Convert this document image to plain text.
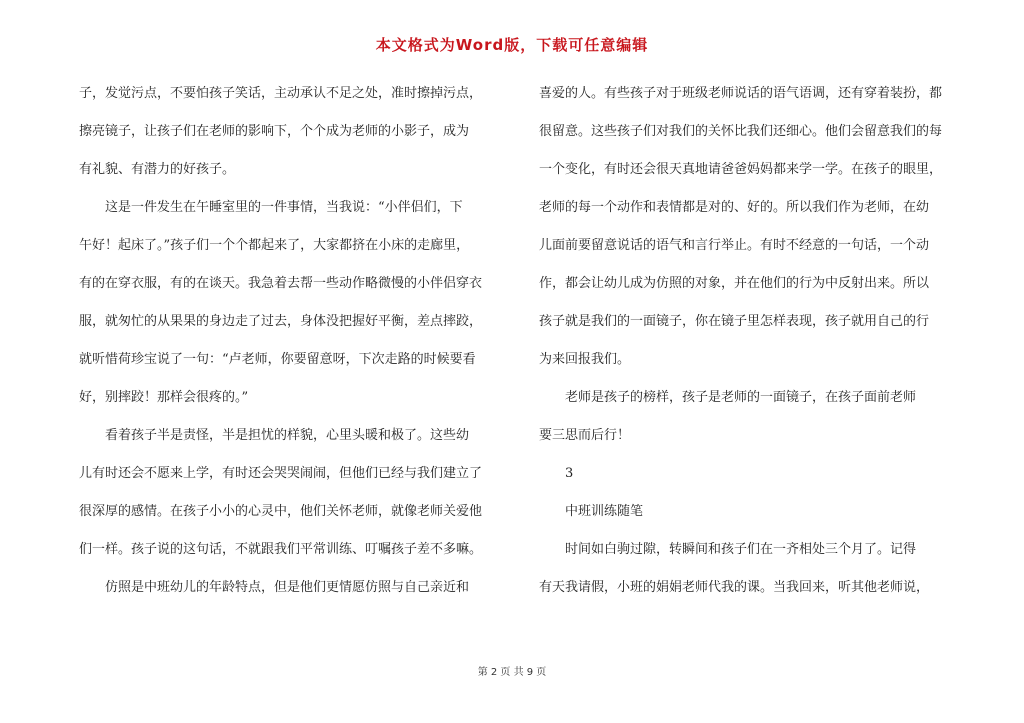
本文格式为Word版，下载可任意编辑
子，发觉污点，不要怕孩子笑话，主动承认不足之处，准时擦掉污点，
擦亮镜子，让孩子们在老师的影响下，个个成为老师的小影子，成为
有礼貌、有潜力的好孩子。
　　这是一件发生在午睡室里的一件事情，当我说：“小伴侣们，下
午好！起床了。”孩子们一个个都起来了，大家都挤在小床的走廊里，
有的在穿衣服，有的在谈天。我急着去帮一些动作略微慢的小伴侣穿衣
服，就匆忙的从果果的身边走了过去，身体没把握好平衡，差点摔跤，
就听惜荷珍宝说了一句：“卢老师，你要留意呀，下次走路的时候要看
好，别摔跤！那样会很疼的。”
　　看着孩子半是责怪，半是担忧的样貌，心里头暖和极了。这些幼
儿有时还会不愿来上学，有时还会哭哭闹闹，但他们已经与我们建立了
很深厚的感情。在孩子小小的心灵中，他们关怀老师，就像老师关爱他
们一样。孩子说的这句话，不就跟我们平常训练、叮嘱孩子差不多嘛。
　　仿照是中班幼儿的年龄特点，但是他们更情愿仿照与自己亲近和
喜爱的人。有些孩子对于班级老师说话的语气语调，还有穿着装扮，都
很留意。这些孩子们对我们的关怀比我们还细心。他们会留意我们的每
一个变化，有时还会很天真地请爸爸妈妈都来学一学。在孩子的眼里，
老师的每一个动作和表情都是对的、好的。所以我们作为老师，在幼
儿面前要留意说话的语气和言行举止。有时不经意的一句话，一个动
作，都会让幼儿成为仿照的对象，并在他们的行为中反射出来。所以
孩子就是我们的一面镜子，你在镜子里怎样表现，孩子就用自己的行
为来回报我们。
　　老师是孩子的榜样，孩子是老师的一面镜子，在孩子面前老师
要三思而后行！
　　3
　　中班训练随笔
　　时间如白驹过隙，转瞬间和孩子们在一齐相处三个月了。记得
有天我请假，小班的娟娟老师代我的课。当我回来，听其他老师说，
第 2 页 共 9 页
